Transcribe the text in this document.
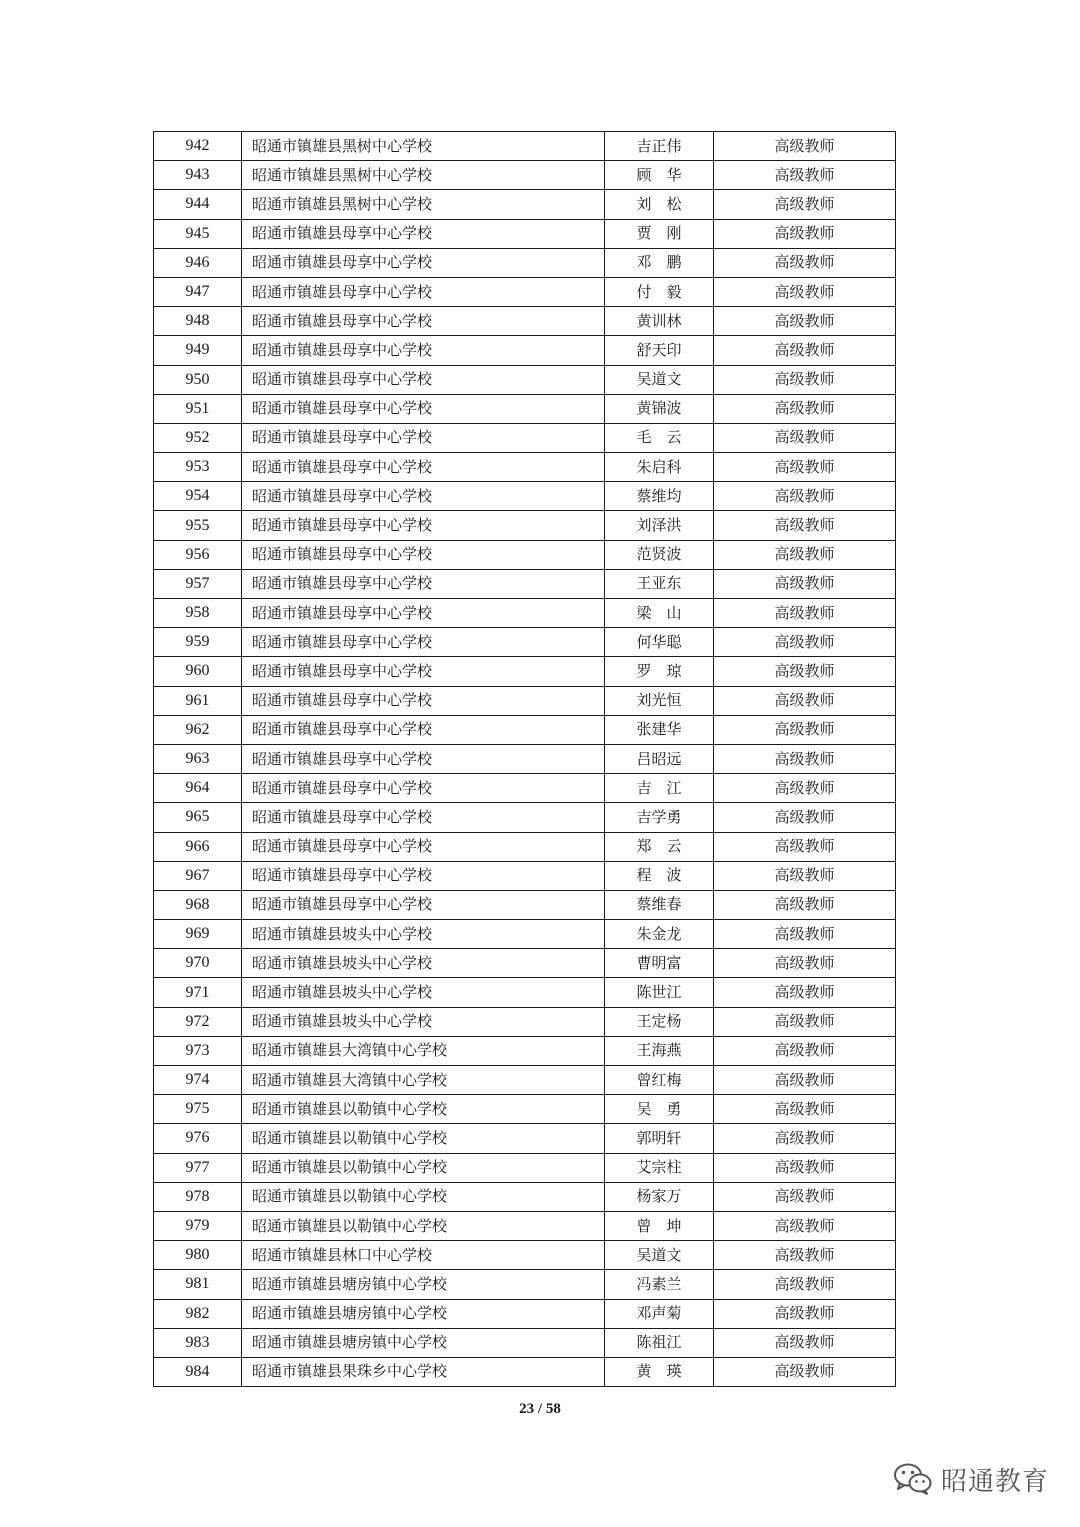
942	昭通市镇雄县黑树中心学校	吉正伟	高级教师
943	昭通市镇雄县黑树中心学校	顾　华	高级教师
944	昭通市镇雄县黑树中心学校	刘　松	高级教师
945	昭通市镇雄县母享中心学校	贾　刚	高级教师
946	昭通市镇雄县母享中心学校	邓　鹏	高级教师
947	昭通市镇雄县母享中心学校	付　毅	高级教师
948	昭通市镇雄县母享中心学校	黄训林	高级教师
949	昭通市镇雄县母享中心学校	舒天印	高级教师
950	昭通市镇雄县母享中心学校	吴道文	高级教师
951	昭通市镇雄县母享中心学校	黄锦波	高级教师
952	昭通市镇雄县母享中心学校	毛　云	高级教师
953	昭通市镇雄县母享中心学校	朱启科	高级教师
954	昭通市镇雄县母享中心学校	蔡维均	高级教师
955	昭通市镇雄县母享中心学校	刘泽洪	高级教师
956	昭通市镇雄县母享中心学校	范贤波	高级教师
957	昭通市镇雄县母享中心学校	王亚东	高级教师
958	昭通市镇雄县母享中心学校	梁　山	高级教师
959	昭通市镇雄县母享中心学校	何华聪	高级教师
960	昭通市镇雄县母享中心学校	罗　琼	高级教师
961	昭通市镇雄县母享中心学校	刘光恒	高级教师
962	昭通市镇雄县母享中心学校	张建华	高级教师
963	昭通市镇雄县母享中心学校	吕昭远	高级教师
964	昭通市镇雄县母享中心学校	吉　江	高级教师
965	昭通市镇雄县母享中心学校	吉学勇	高级教师
966	昭通市镇雄县母享中心学校	郑　云	高级教师
967	昭通市镇雄县母享中心学校	程　波	高级教师
968	昭通市镇雄县母享中心学校	蔡维春	高级教师
969	昭通市镇雄县坡头中心学校	朱金龙	高级教师
970	昭通市镇雄县坡头中心学校	曹明富	高级教师
971	昭通市镇雄县坡头中心学校	陈世江	高级教师
972	昭通市镇雄县坡头中心学校	王定杨	高级教师
973	昭通市镇雄县大湾镇中心学校	王海燕	高级教师
974	昭通市镇雄县大湾镇中心学校	曾红梅	高级教师
975	昭通市镇雄县以勒镇中心学校	吴　勇	高级教师
976	昭通市镇雄县以勒镇中心学校	郭明轩	高级教师
977	昭通市镇雄县以勒镇中心学校	艾宗柱	高级教师
978	昭通市镇雄县以勒镇中心学校	杨家万	高级教师
979	昭通市镇雄县以勒镇中心学校	曾　坤	高级教师
980	昭通市镇雄县林口中心学校	吴道文	高级教师
981	昭通市镇雄县塘房镇中心学校	冯素兰	高级教师
982	昭通市镇雄县塘房镇中心学校	邓声菊	高级教师
983	昭通市镇雄县塘房镇中心学校	陈祖江	高级教师
984	昭通市镇雄县果珠乡中心学校	黄　瑛	高级教师
23 / 58
昭通教育
